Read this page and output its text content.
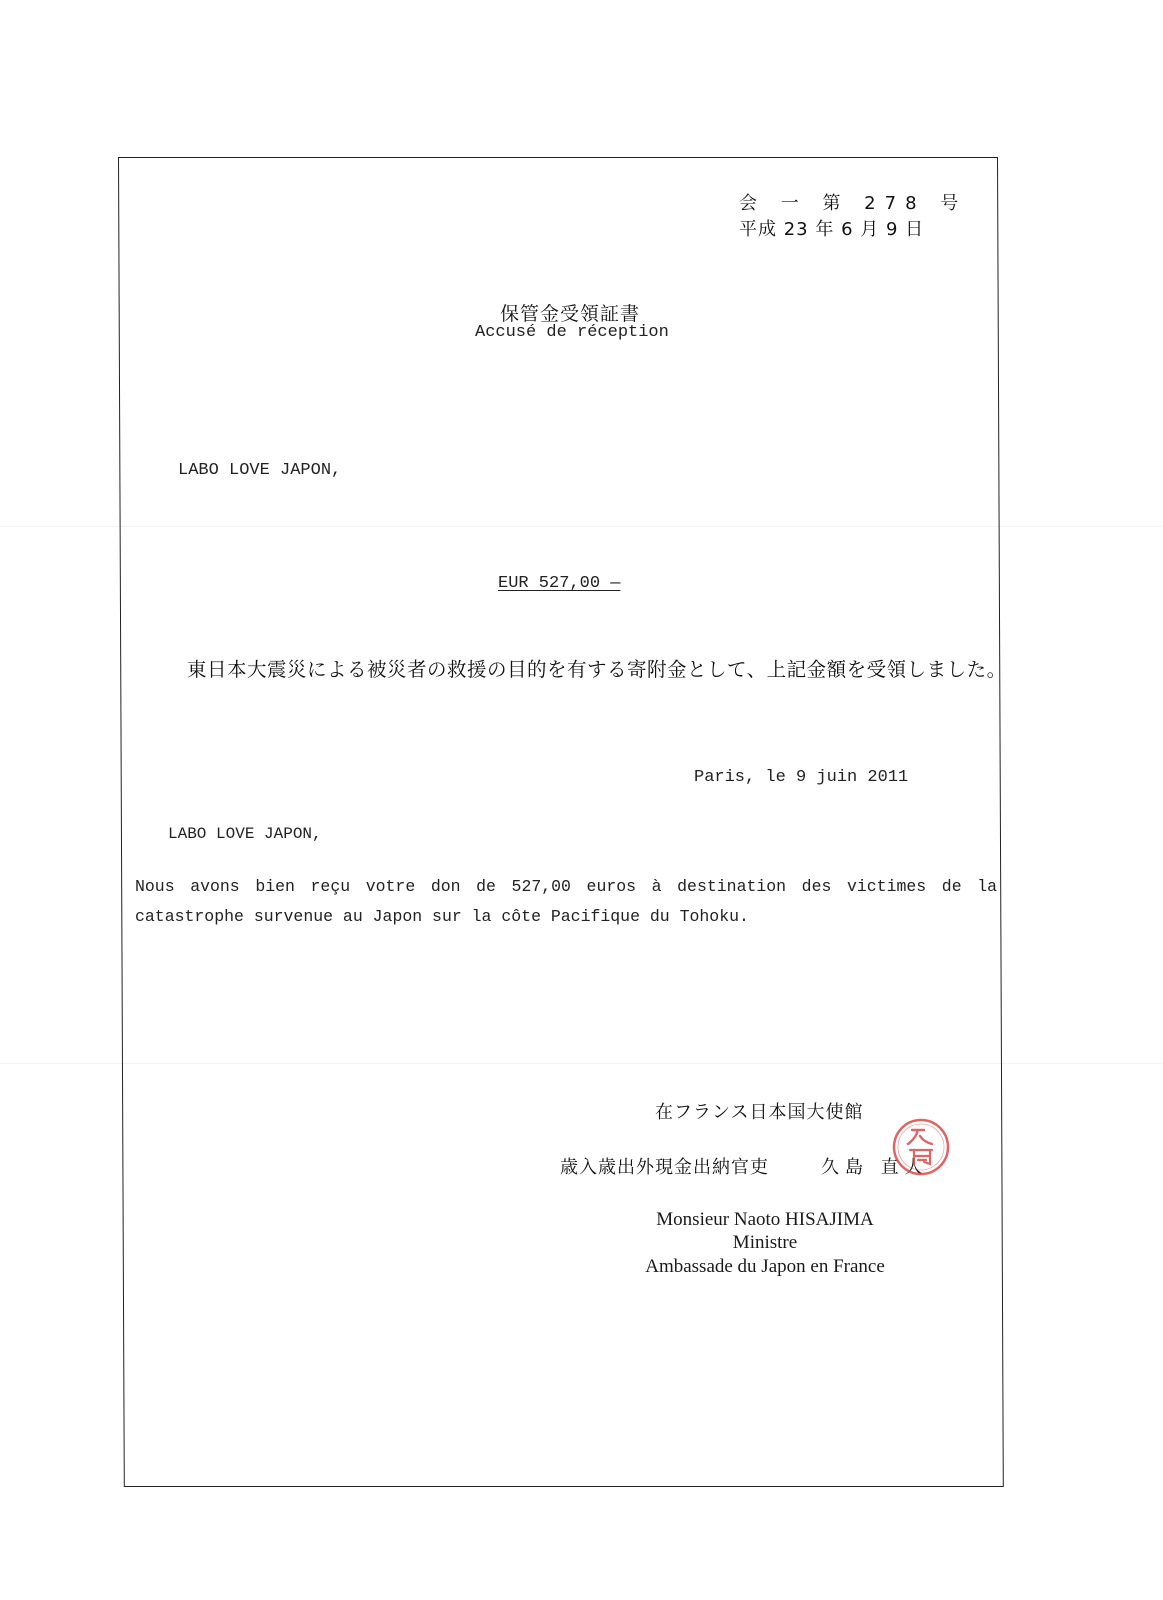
会 一 第 278 号
平成 23 年 6 月 9 日
保管金受領証書
Accusé de réception
LABO LOVE JAPON,
EUR 527,00 —
東日本大震災による被災者の救援の目的を有する寄附金として、上記金額を受領しました。
Paris, le 9 juin 2011
LABO LOVE JAPON,
Nous avons bien reçu votre don de 527,00 euros à destination des victimes de la
catastrophe survenue au Japon sur la côte Pacifique du Tohoku.
在フランス日本国大使館
歳入歳出外現金出納官吏	久島 直人
Monsieur Naoto HISAJIMA
Ministre
Ambassade du Japon en France
